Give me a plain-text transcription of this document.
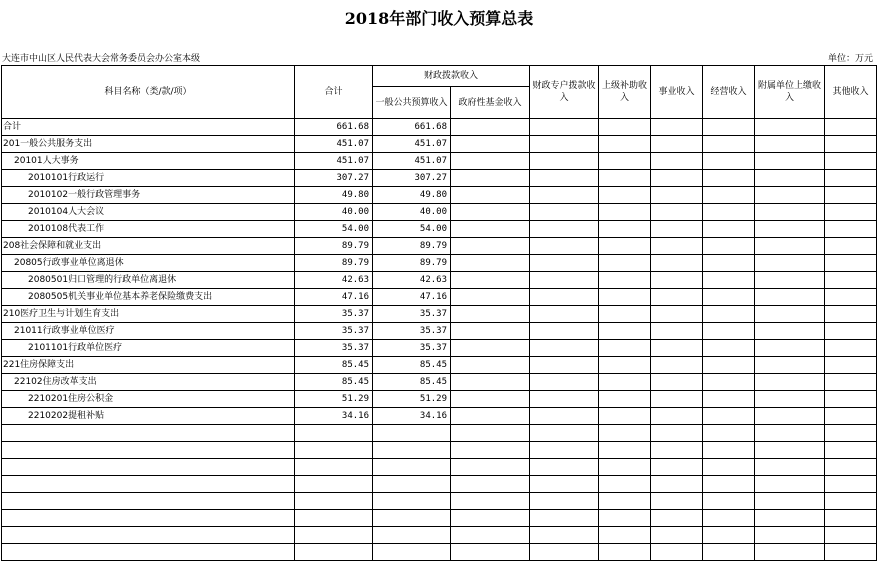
2018年部门收入预算总表
大连市中山区人民代表大会常务委员会办公室本级	单位：万元
科目名称（类/款/项）	合计	财政拨款收入		财政专户拨款收入	上级补助收入	事业收入	经营收入	附属单位上缴收入	其他收入
		一般公共预算收入	政府性基金收入						
合计	661.68	661.68							
201一般公共服务支出	451.07	451.07							
20101人大事务	451.07	451.07							
2010101行政运行	307.27	307.27							
2010102一般行政管理事务	49.80	49.80							
2010104人大会议	40.00	40.00							
2010108代表工作	54.00	54.00							
208社会保障和就业支出	89.79	89.79							
20805行政事业单位离退休	89.79	89.79							
2080501归口管理的行政单位离退休	42.63	42.63							
2080505机关事业单位基本养老保险缴费支出	47.16	47.16							
210医疗卫生与计划生育支出	35.37	35.37							
21011行政事业单位医疗	35.37	35.37							
2101101行政单位医疗	35.37	35.37							
221住房保障支出	85.45	85.45							
22102住房改革支出	85.45	85.45							
2210201住房公积金	51.29	51.29							
2210202提租补贴	34.16	34.16							
